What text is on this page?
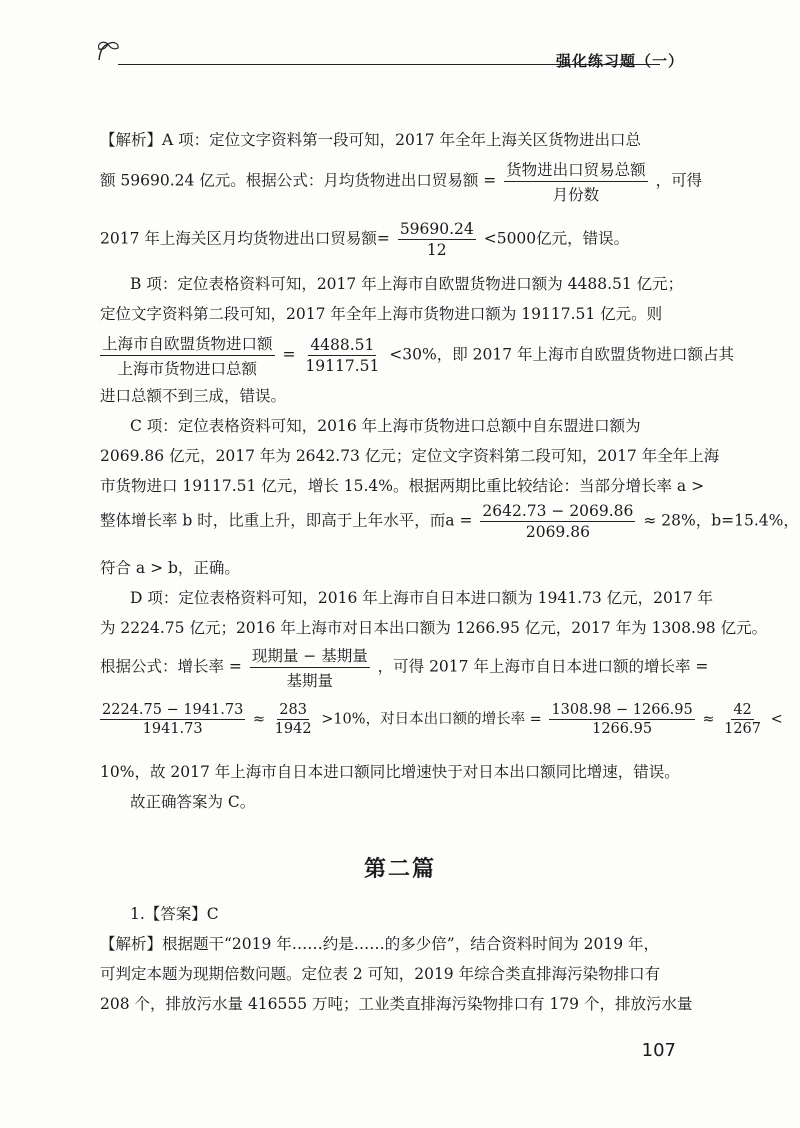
强化练习题（一）
【解析】A 项：定位文字资料第一段可知，2017 年全年上海关区货物进出口总
额 59690.24 亿元。根据公式：月均货物进出口贸易额 = $\frac{\text{货物进出口贸易总额}}{\text{月份数}}$ ，可得
2017 年上海关区月均货物进出口贸易额= $\frac{59690.24}{12} <5000$亿元，错误。
B 项：定位表格资料可知，2017 年上海市自欧盟货物进口额为 4488.51 亿元；
定位文字资料第二段可知，2017 年全年上海市货物进口额为 19117.51 亿元。则
$\frac{\text{上海市自欧盟货物进口额}}{\text{上海市货物进口总额}} = \frac{4488.51}{19117.51} <30\%$，即 2017 年上海市自欧盟货物进口额占其
进口总额不到三成，错误。
C 项：定位表格资料可知，2016 年上海市货物进口总额中自东盟进口额为
2069.86 亿元，2017 年为 2642.73 亿元；定位文字资料第二段可知，2017 年全年上海
市货物进口 19117.51 亿元，增长 15.4%。根据两期比重比较结论：当部分增长率 a >
整体增长率 b 时，比重上升，即高于上年水平，而$a = \frac{2642.73 - 2069.86}{2069.86} \approx 28\%$，b=15.4%，
符合 a > b，正确。
D 项：定位表格资料可知，2016 年上海市自日本进口额为 1941.73 亿元，2017 年
为 2224.75 亿元；2016 年上海市对日本出口额为 1266.95 亿元，2017 年为 1308.98 亿元。
根据公式：增长率 = $\frac{\text{现期量 − 基期量}}{\text{基期量}}$ ，可得 2017 年上海市自日本进口额的增长率 =
$\frac{2224.75 - 1941.73}{1941.73} \approx \frac{283}{1942} >10\%$，对日本出口额的增长率 = $\frac{1308.98 - 1266.95}{1266.95} \approx \frac{42}{1267}$ <
10%，故 2017 年上海市自日本进口额同比增速快于对日本出口额同比增速，错误。
故正确答案为 C。
第二篇
1.【答案】C
【解析】根据题干“2019 年……约是……的多少倍”，结合资料时间为 2019 年，
可判定本题为现期倍数问题。定位表 2 可知，2019 年综合类直排海污染物排口有
208 个，排放污水量 416555 万吨；工业类直排海污染物排口有 179 个，排放污水量
107
